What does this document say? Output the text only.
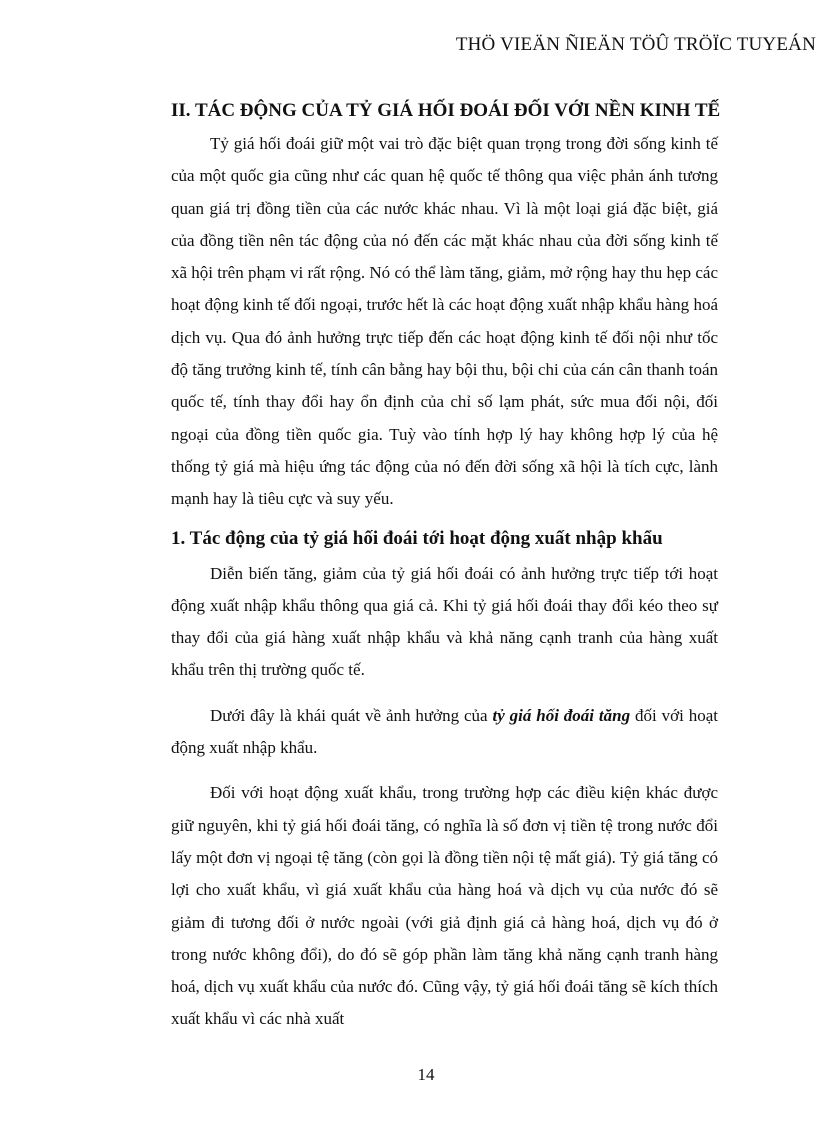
THÖ VIEÄN ÑIEÄN TÖÛ TRÖÏC TUYEÁN
II. TÁC ĐỘNG CỦA TỶ GIÁ HỐI ĐOÁI ĐỐI VỚI NỀN KINH TẾ

Tỷ giá hối đoái giữ một vai trò đặc biệt quan trọng trong đời sống kinh tế của một quốc gia cũng như các quan hệ quốc tế thông qua việc phản ánh tương quan giá trị đồng tiền của các nước khác nhau. Vì là một loại giá đặc biệt, giá của đồng tiền nên tác động của nó đến các mặt khác nhau của đời sống kinh tế xã hội trên phạm vi rất rộng. Nó có thể làm tăng, giảm, mở rộng hay thu hẹp các hoạt động kinh tế đối ngoại, trước hết là các hoạt động xuất nhập khẩu hàng hoá dịch vụ. Qua đó ảnh hưởng trực tiếp đến các hoạt động kinh tế đối nội như tốc độ tăng trưởng kinh tế, tính cân bằng hay bội thu, bội chi của cán cân thanh toán quốc tế, tính thay đổi hay ổn định của chỉ số lạm phát, sức mua đối nội, đối ngoại của đồng tiền quốc gia. Tuỳ vào tính hợp lý hay không hợp lý của hệ thống tỷ giá mà hiệu ứng tác động của nó đến đời sống xã hội là tích cực, lành mạnh hay là tiêu cực và suy yếu.

1. Tác động của tỷ giá hối đoái tới hoạt động xuất nhập khẩu

Diễn biến tăng, giảm của tỷ giá hối đoái có ảnh hưởng trực tiếp tới hoạt động xuất nhập khẩu thông qua giá cả. Khi tỷ giá hối đoái thay đổi kéo theo sự thay đổi của giá hàng xuất nhập khẩu và khả năng cạnh tranh của hàng xuất khẩu trên thị trường quốc tế.

Dưới đây là khái quát về ảnh hưởng của tỷ giá hối đoái tăng đối với hoạt động xuất nhập khẩu.

Đối với hoạt động xuất khẩu, trong trường hợp các điều kiện khác được giữ nguyên, khi tỷ giá hối đoái tăng, có nghĩa là số đơn vị tiền tệ trong nước đổi lấy một đơn vị ngoại tệ tăng (còn gọi là đồng tiền nội tệ mất giá). Tỷ giá tăng có lợi cho xuất khẩu, vì giá xuất khẩu của hàng hoá và dịch vụ của nước đó sẽ giảm đi tương đối ở nước ngoài (với giả định giá cả hàng hoá, dịch vụ đó ở trong nước không đổi), do đó sẽ góp phần làm tăng khả năng cạnh tranh hàng hoá, dịch vụ xuất khẩu của nước đó. Cũng vậy, tỷ giá hối đoái tăng sẽ kích thích xuất khẩu vì các nhà xuất

14
